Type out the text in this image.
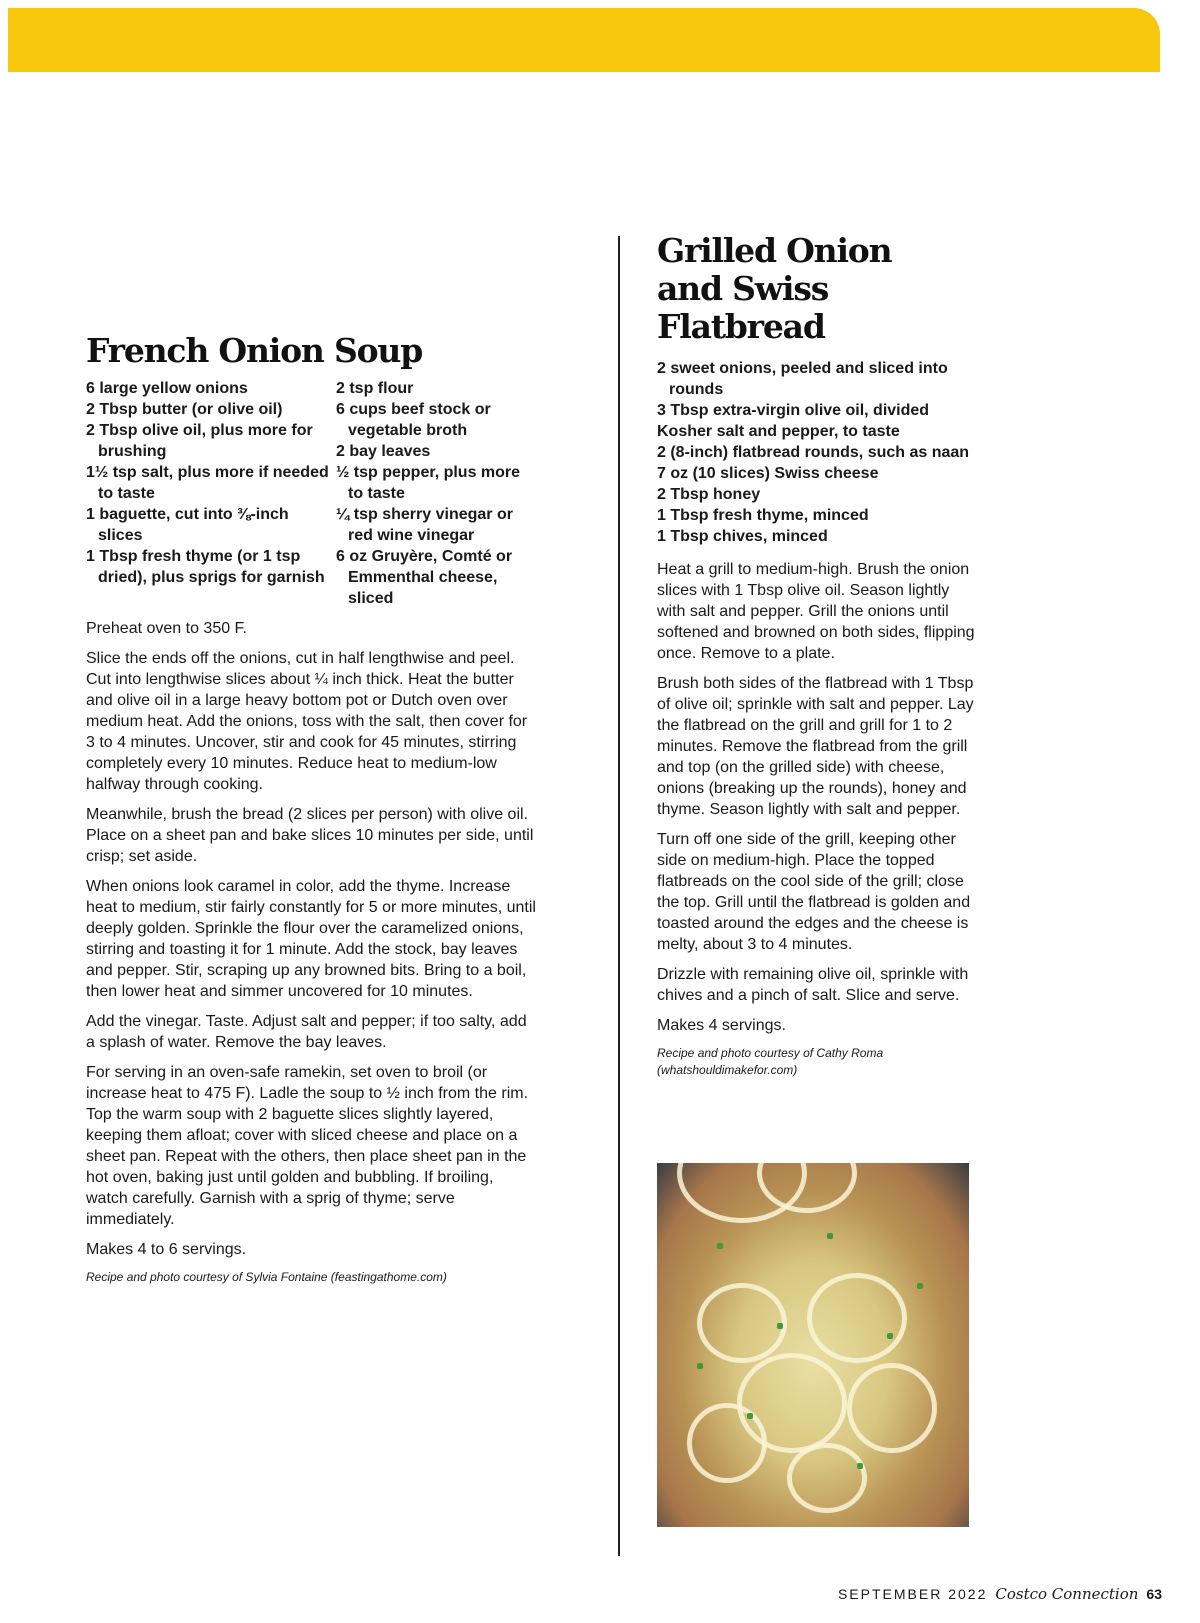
French Onion Soup

6 large yellow onions

2 Tbsp butter (or olive oil)

2 Tbsp olive oil, plus more for brushing

1½ tsp salt, plus more if needed to taste

1 baguette, cut into ⅜-inch slices

1 Tbsp fresh thyme (or 1 tsp dried), plus sprigs for garnish

2 tsp flour

6 cups beef stock or vegetable broth

2 bay leaves

½ tsp pepper, plus more to taste

¼ tsp sherry vinegar or red wine vinegar

6 oz Gruyère, Comté or Emmenthal cheese, sliced

Preheat oven to 350 F.

Slice the ends off the onions, cut in half lengthwise and peel. Cut into lengthwise slices about ¼ inch thick. Heat the butter and olive oil in a large heavy bottom pot or Dutch oven over medium heat. Add the onions, toss with the salt, then cover for 3 to 4 minutes. Uncover, stir and cook for 45 minutes, stirring completely every 10 minutes. Reduce heat to medium-low halfway through cooking.

Meanwhile, brush the bread (2 slices per person) with olive oil. Place on a sheet pan and bake slices 10 minutes per side, until crisp; set aside.

When onions look caramel in color, add the thyme. Increase heat to medium, stir fairly constantly for 5 or more minutes, until deeply golden. Sprinkle the flour over the caramelized onions, stirring and toasting it for 1 minute. Add the stock, bay leaves and pepper. Stir, scraping up any browned bits. Bring to a boil, then lower heat and simmer uncovered for 10 minutes.

Add the vinegar. Taste. Adjust salt and pepper; if too salty, add a splash of water. Remove the bay leaves.

For serving in an oven-safe ramekin, set oven to broil (or increase heat to 475 F). Ladle the soup to ½ inch from the rim. Top the warm soup with 2 baguette slices slightly layered, keeping them afloat; cover with sliced cheese and place on a sheet pan. Repeat with the others, then place sheet pan in the hot oven, baking just until golden and bubbling. If broiling, watch carefully. Garnish with a sprig of thyme; serve immediately.

Makes 4 to 6 servings.

Recipe and photo courtesy of Sylvia Fontaine (feastingathome.com)

Grilled Onion and Swiss Flatbread

2 sweet onions, peeled and sliced into rounds

3 Tbsp extra-virgin olive oil, divided

Kosher salt and pepper, to taste

2 (8-inch) flatbread rounds, such as naan

7 oz (10 slices) Swiss cheese

2 Tbsp honey

1 Tbsp fresh thyme, minced

1 Tbsp chives, minced

Heat a grill to medium-high. Brush the onion slices with 1 Tbsp olive oil. Season lightly with salt and pepper. Grill the onions until softened and browned on both sides, flipping once. Remove to a plate.

Brush both sides of the flatbread with 1 Tbsp of olive oil; sprinkle with salt and pepper. Lay the flatbread on the grill and grill for 1 to 2 minutes. Remove the flatbread from the grill and top (on the grilled side) with cheese, onions (breaking up the rounds), honey and thyme. Season lightly with salt and pepper.

Turn off one side of the grill, keeping other side on medium-high. Place the topped flatbreads on the cool side of the grill; close the top. Grill until the flatbread is golden and toasted around the edges and the cheese is melty, about 3 to 4 minutes.

Drizzle with remaining olive oil, sprinkle with chives and a pinch of salt. Slice and serve.

Makes 4 servings.

Recipe and photo courtesy of Cathy Roma (whatshouldimakefor.com)

SEPTEMBER 2022 Costco Connection 63
